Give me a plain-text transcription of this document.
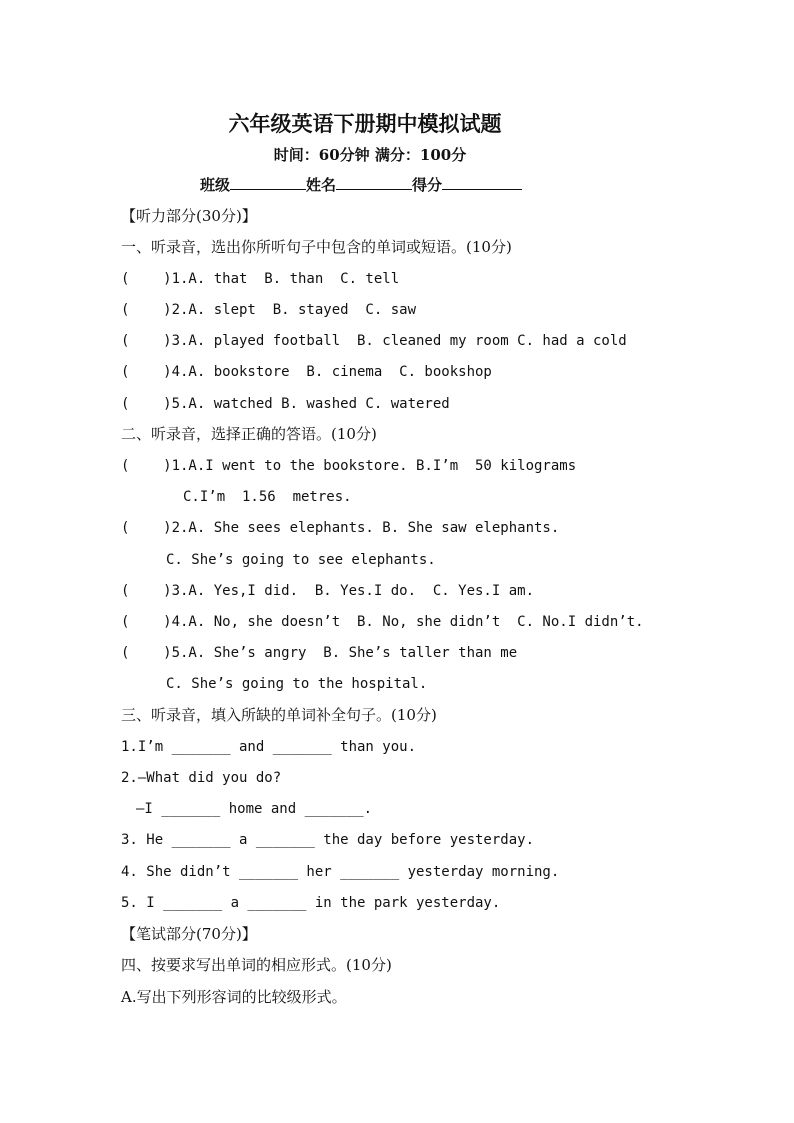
六年级英语下册期中模拟试题
时间：60分钟 满分：100分
班级	姓名	得分
【听力部分(30分)】
一、听录音，选出你所听句子中包含的单词或短语。(10分)
(    )1.A. that  B. than  C. tell
(    )2.A. slept  B. stayed  C. saw
(    )3.A. played football  B. cleaned my room C. had a cold
(    )4.A. bookstore  B. cinema  C. bookshop
(    )5.A. watched B. washed C. watered
二、听录音，选择正确的答语。(10分)
(    )1.A.I went to the bookstore. B.I’m  50 kilograms
C.I’m  1.56  metres.
(    )2.A. She sees elephants. B. She saw elephants.
C. She’s going to see elephants.
(    )3.A. Yes,I did.  B. Yes.I do.  C. Yes.I am.
(    )4.A. No, she doesn’t  B. No, she didn’t  C. No.I didn’t.
(    )5.A. She’s angry  B. She’s taller than me
C. She’s going to the hospital.
三、听录音，填入所缺的单词补全句子。(10分)
1.I’m _______ and _______ than you.
2.—What did you do?
—I _______ home and _______.
3. He _______ a _______ the day before yesterday.
4. She didn’t _______ her _______ yesterday morning.
5. I _______ a _______ in the park yesterday.
【笔试部分(70分)】
四、按要求写出单词的相应形式。(10分)
A.写出下列形容词的比较级形式。
